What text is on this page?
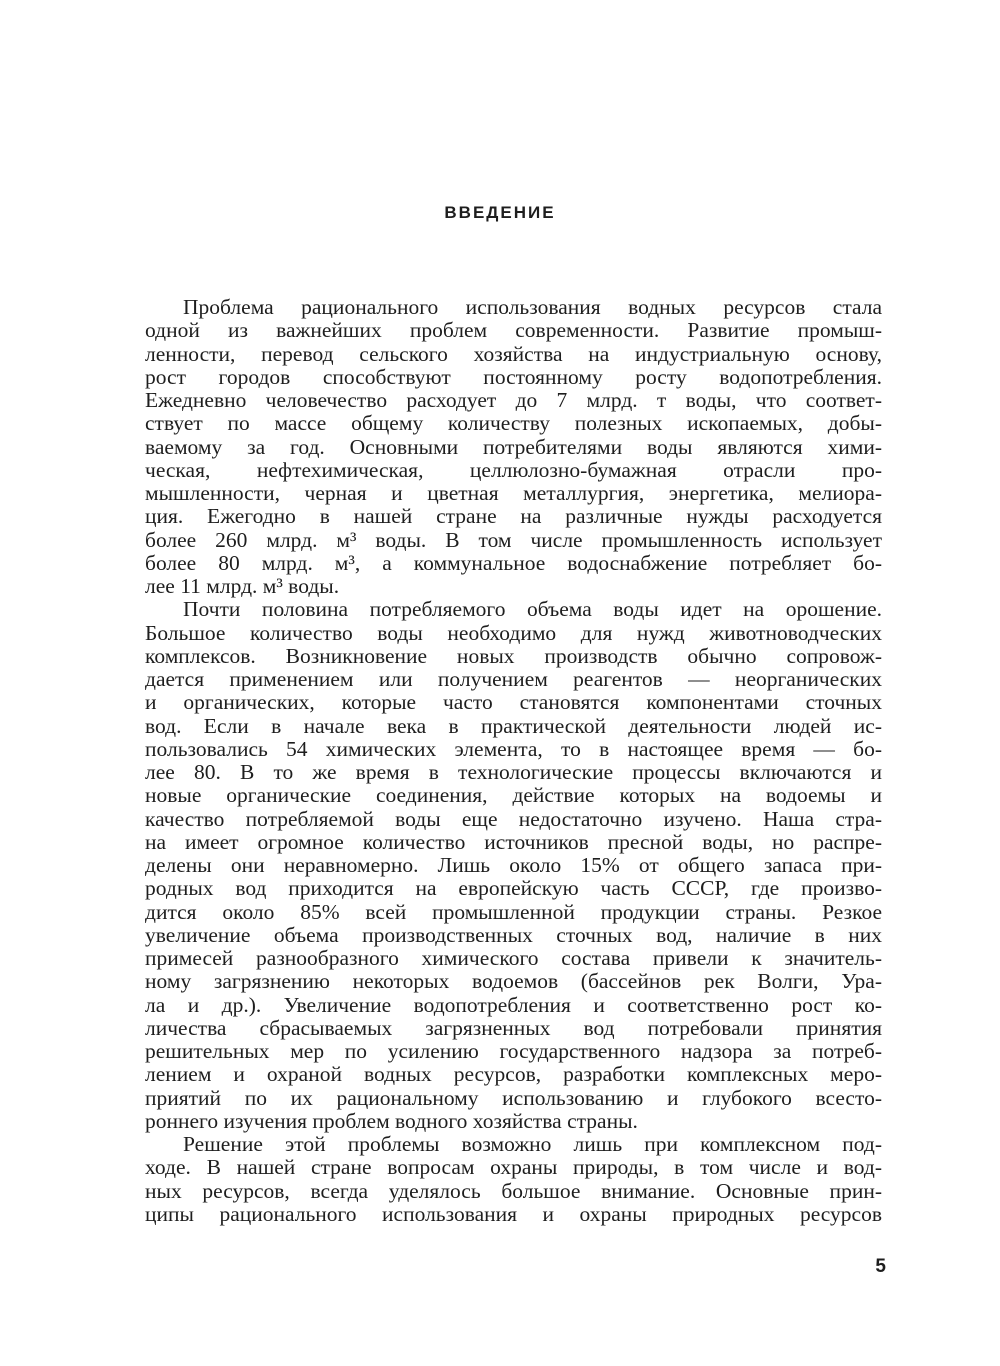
ВВЕДЕНИЕ
Проблема рационального использования водных ресурсов стала
одной из важнейших проблем современности. Развитие промыш-
ленности, перевод сельского хозяйства на индустриальную основу,
рост городов способствуют постоянному росту водопотребления.
Ежедневно человечество расходует до 7 млрд. т воды, что соответ-
ствует по массе общему количеству полезных ископаемых, добы-
ваемому за год. Основными потребителями воды являются хими-
ческая, нефтехимическая, целлюлозно-бумажная отрасли про-
мышленности, черная и цветная металлургия, энергетика, мелиора-
ция. Ежегодно в нашей стране на различные нужды расходуется
более 260 млрд. м³ воды. В том числе промышленность использует
более 80 млрд. м³, а коммунальное водоснабжение потребляет бо-
лее 11 млрд. м³ воды.
Почти половина потребляемого объема воды идет на орошение.
Большое количество воды необходимо для нужд животноводческих
комплексов. Возникновение новых производств обычно сопровож-
дается применением или получением реагентов — неорганических
и органических, которые часто становятся компонентами сточных
вод. Если в начале века в практической деятельности людей ис-
пользовались 54 химических элемента, то в настоящее время — бо-
лее 80. В то же время в технологические процессы включаются и
новые органические соединения, действие которых на водоемы и
качество потребляемой воды еще недостаточно изучено. Наша стра-
на имеет огромное количество источников пресной воды, но распре-
делены они неравномерно. Лишь около 15% от общего запаса при-
родных вод приходится на европейскую часть СССР, где произво-
дится около 85% всей промышленной продукции страны. Резкое
увеличение объема производственных сточных вод, наличие в них
примесей разнообразного химического состава привели к значитель-
ному загрязнению некоторых водоемов (бассейнов рек Волги, Ура-
ла и др.). Увеличение водопотребления и соответственно рост ко-
личества сбрасываемых загрязненных вод потребовали принятия
решительных мер по усилению государственного надзора за потреб-
лением и охраной водных ресурсов, разработки комплексных меро-
приятий по их рациональному использованию и глубокого всесто-
роннего изучения проблем водного хозяйства страны.
Решение этой проблемы возможно лишь при комплексном под-
ходе. В нашей стране вопросам охраны природы, в том числе и вод-
ных ресурсов, всегда уделялось большое внимание. Основные прин-
ципы рационального использования и охраны природных ресурсов
5
